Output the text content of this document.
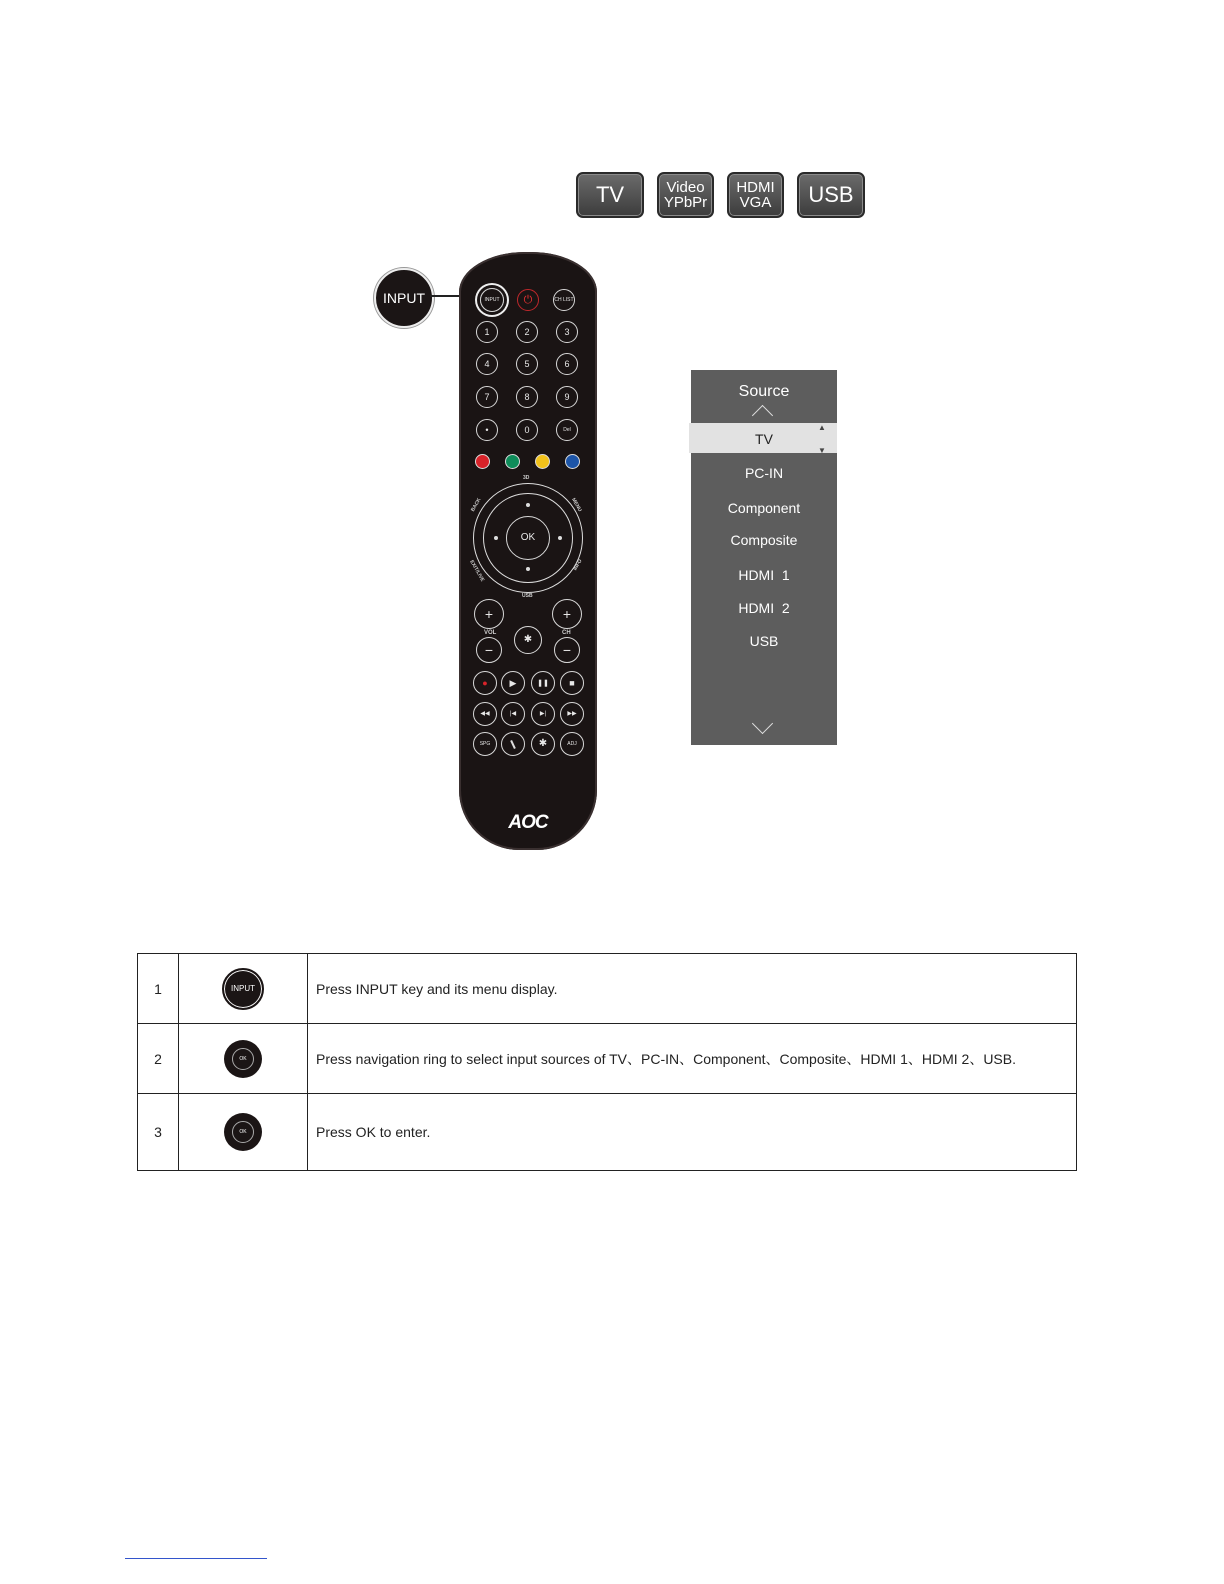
TV	Video
YPbPr
HDMI
VGA USB
INPUT	INPUT	⏻	CH LIST
1	2	3
4	5	6
7	8	9
•	0	Del
OK
3D
BACK	MENU
USB
EXIT/LIVE	INFO
+	+
VOL	CH
✱
−	−
● ▶	❚❚ ■
◀◀	|◀	▶|	▶▶
SPG	✱	ADJ
AOC
Source
▲
▼
TV
PC-IN
Component
Composite
HDMI  1
HDMI  2
USB
1	INPUT	Press INPUT key and its menu display.
2	OK	Press navigation ring to select input sources of TV、PC-IN、Component、Composite、HDMI 1、HDMI 2、USB.
3	OK	Press OK to enter.
